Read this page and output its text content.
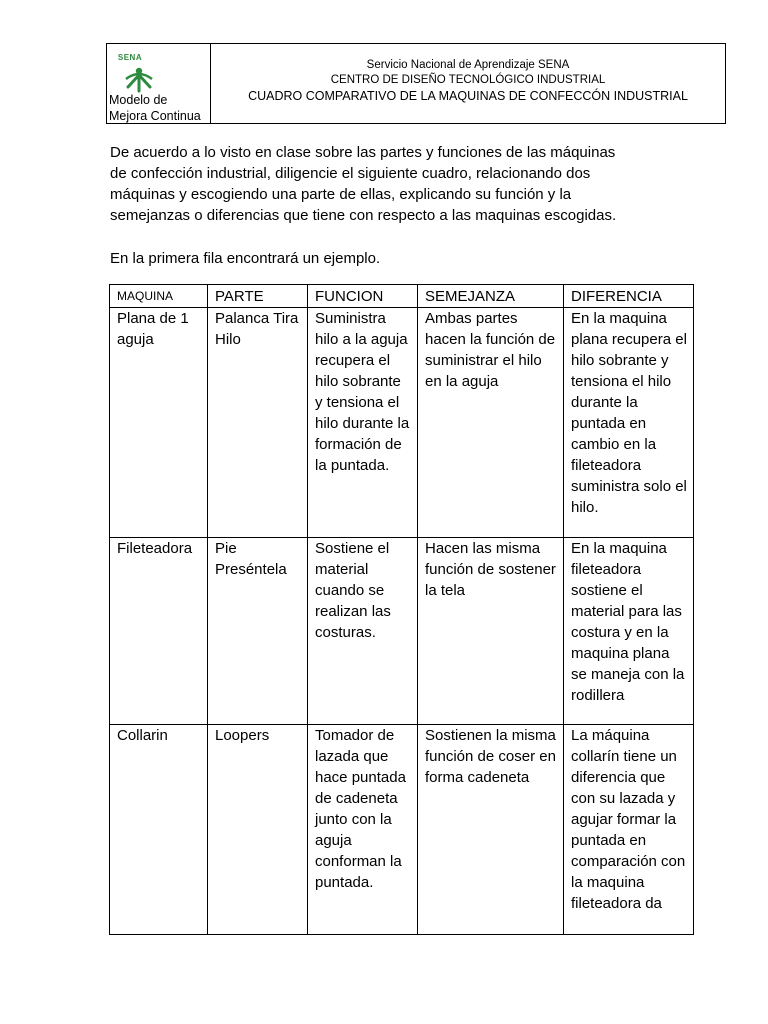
SENA
Modelo de
Mejora Continua
Servicio Nacional de Aprendizaje SENA
CENTRO DE DISEÑO TECNOLÓGICO INDUSTRIAL
CUADRO COMPARATIVO DE LA MAQUINAS DE CONFECCÓN INDUSTRIAL
De acuerdo a lo visto en clase sobre las partes y funciones de las máquinas
de confección industrial, diligencie el siguiente cuadro, relacionando dos
máquinas y escogiendo una parte de ellas, explicando su función y la
semejanzas o diferencias que tiene con respecto a las maquinas escogidas.

En la primera fila encontrará un ejemplo.

MAQUINA	PARTE	FUNCION	SEMEJANZA	DIFERENCIA
Plana de 1 aguja	Palanca Tira Hilo	Suministra hilo a la aguja recupera el hilo sobrante y tensiona el hilo durante la formación de la puntada.	Ambas partes hacen la función de suministrar el hilo en la aguja	En la maquina plana recupera el hilo sobrante y tensiona el hilo durante la puntada en cambio en la fileteadora suministra solo el hilo.
Fileteadora	Pie Preséntela	Sostiene el material cuando se realizan las costuras.	Hacen las misma función de sostener la tela	En la maquina fileteadora sostiene el material para las costura y en la maquina plana se maneja con la rodillera
Collarin	Loopers	Tomador de lazada que hace puntada de cadeneta junto con la aguja conforman la puntada.	Sostienen la misma función de coser en forma cadeneta	La máquina collarín tiene un diferencia que con su lazada y agujar formar la puntada en comparación con la maquina fileteadora da
